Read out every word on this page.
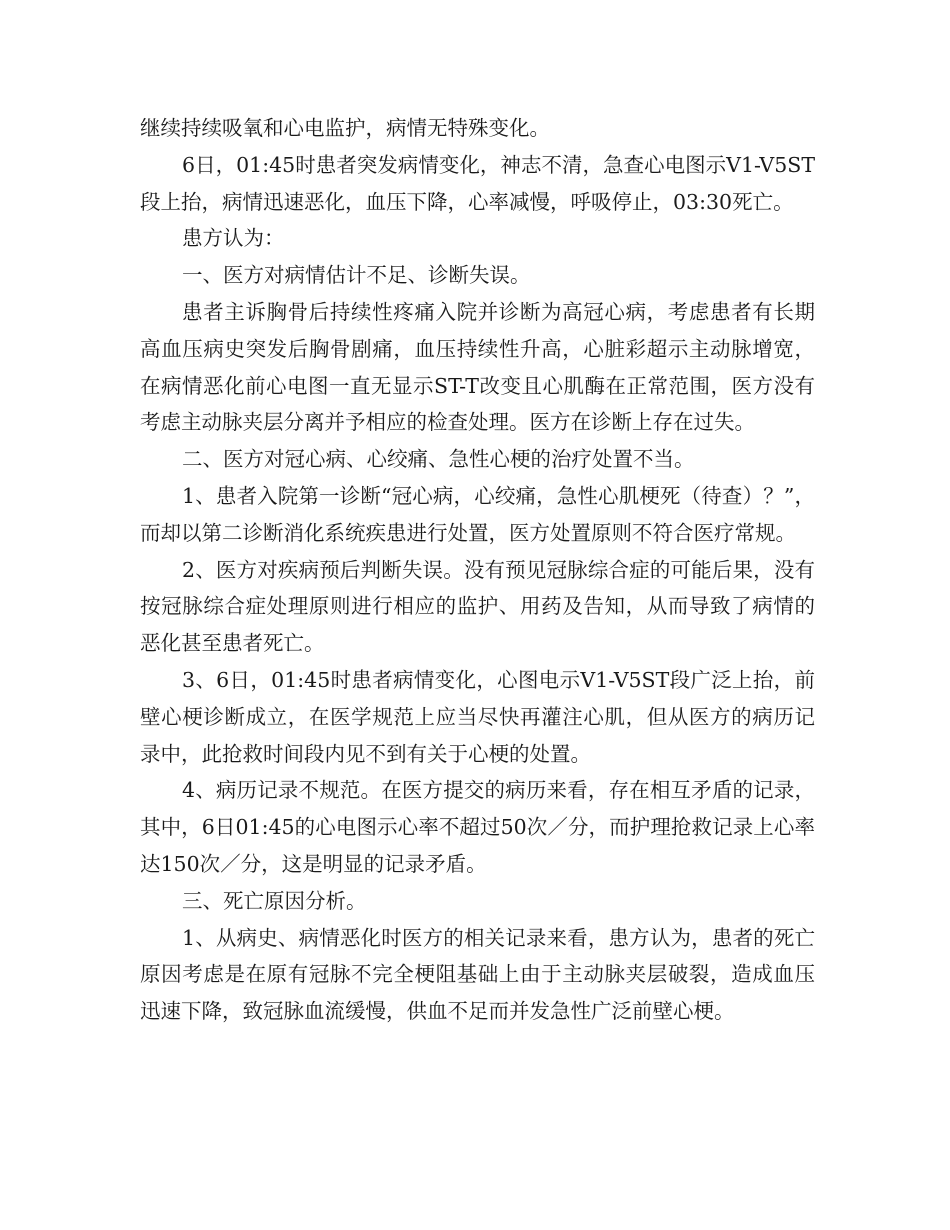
继续持续吸氧和心电监护，病情无特殊变化。

6日，01:45时患者突发病情变化，神志不清，急查心电图示V1-V5ST段上抬，病情迅速恶化，血压下降，心率减慢，呼吸停止，03:30死亡。

患方认为：

一、医方对病情估计不足、诊断失误。

患者主诉胸骨后持续性疼痛入院并诊断为高冠心病，考虑患者有长期高血压病史突发后胸骨剧痛，血压持续性升高，心脏彩超示主动脉增宽，在病情恶化前心电图一直无显示ST-T改变且心肌酶在正常范围，医方没有考虑主动脉夹层分离并予相应的检查处理。医方在诊断上存在过失。

二、医方对冠心病、心绞痛、急性心梗的治疗处置不当。

1、患者入院第一诊断“冠心病，心绞痛，急性心肌梗死（待查）？”，而却以第二诊断消化系统疾患进行处置，医方处置原则不符合医疗常规。

2、医方对疾病预后判断失误。没有预见冠脉综合症的可能后果，没有按冠脉综合症处理原则进行相应的监护、用药及告知，从而导致了病情的恶化甚至患者死亡。

3、6日，01:45时患者病情变化，心图电示V1-V5ST段广泛上抬，前壁心梗诊断成立，在医学规范上应当尽快再灌注心肌，但从医方的病历记录中，此抢救时间段内见不到有关于心梗的处置。

4、病历记录不规范。在医方提交的病历来看，存在相互矛盾的记录，其中，6日01:45的心电图示心率不超过50次／分，而护理抢救记录上心率达150次／分，这是明显的记录矛盾。

三、死亡原因分析。

1、从病史、病情恶化时医方的相关记录来看，患方认为，患者的死亡原因考虑是在原有冠脉不完全梗阻基础上由于主动脉夹层破裂，造成血压迅速下降，致冠脉血流缓慢，供血不足而并发急性广泛前壁心梗。
